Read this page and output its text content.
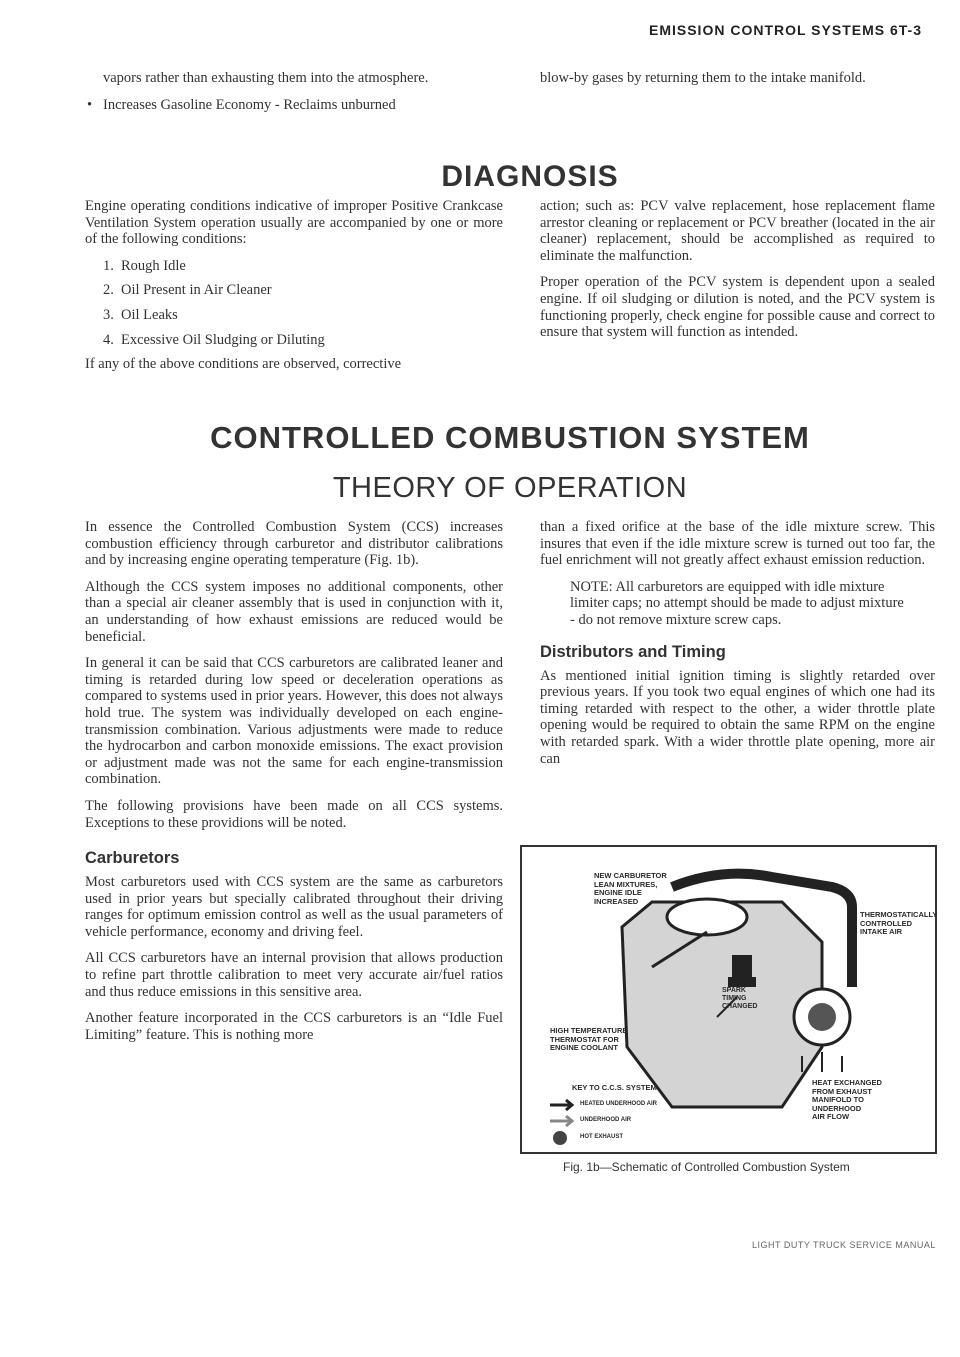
EMISSION CONTROL SYSTEMS 6T-3

vapors rather than exhausting them into the atmosphere.

• Increases Gasoline Economy - Reclaims unburned

blow-by gases by returning them to the intake manifold.

DIAGNOSIS

Engine operating conditions indicative of improper Positive Crankcase Ventilation System operation usually are accompanied by one or more of the following conditions:

1. Rough Idle
2. Oil Present in Air Cleaner
3. Oil Leaks
4. Excessive Oil Sludging or Diluting

If any of the above conditions are observed, corrective

action; such as: PCV valve replacement, hose replacement flame arrestor cleaning or replacement or PCV breather (located in the air cleaner) replacement, should be accomplished as required to eliminate the malfunction.

Proper operation of the PCV system is dependent upon a sealed engine. If oil sludging or dilution is noted, and the PCV system is functioning properly, check engine for possible cause and correct to ensure that system will function as intended.

CONTROLLED COMBUSTION SYSTEM
THEORY OF OPERATION

In essence the Controlled Combustion System (CCS) increases combustion efficiency through carburetor and distributor calibrations and by increasing engine operating temperature (Fig. 1b).

Although the CCS system imposes no additional components, other than a special air cleaner assembly that is used in conjunction with it, an understanding of how exhaust emissions are reduced would be beneficial.

In general it can be said that CCS carburetors are calibrated leaner and timing is retarded during low speed or deceleration operations as compared to systems used in prior years. However, this does not always hold true. The system was individually developed on each engine-transmission combination. Various adjustments were made to reduce the hydrocarbon and carbon monoxide emissions. The exact provision or adjustment made was not the same for each engine-transmission combination.

The following provisions have been made on all CCS systems. Exceptions to these providions will be noted.

Carburetors

Most carburetors used with CCS system are the same as carburetors used in prior years but specially calibrated throughout their driving ranges for optimum emission control as well as the usual parameters of vehicle performance, economy and driving feel.

All CCS carburetors have an internal provision that allows production to refine part throttle calibration to meet very accurate air/fuel ratios and thus reduce emissions in this sensitive area.

Another feature incorporated in the CCS carburetors is an “Idle Fuel Limiting” feature. This is nothing more

than a fixed orifice at the base of the idle mixture screw. This insures that even if the idle mixture screw is turned out too far, the fuel enrichment will not greatly affect exhaust emission reduction.

NOTE: All carburetors are equipped with idle mixture limiter caps; no attempt should be made to adjust mixture - do not remove mixture screw caps.

Distributors and Timing

As mentioned initial ignition timing is slightly retarded over previous years. If you took two equal engines of which one had its timing retarded with respect to the other, a wider throttle plate opening would be required to obtain the same RPM on the engine with retarded spark. With a wider throttle plate opening, more air can

NEW CARBURETOR
LEAN MIXTURES,
ENGINE IDLE
INCREASED
THERMOSTATICALLY
CONTROLLED
INTAKE AIR
SPARK
TIMING
CHANGED
HIGH TEMPERATURE
THERMOSTAT FOR
ENGINE COOLANT
HEAT EXCHANGED
FROM EXHAUST
MANIFOLD TO
UNDERHOOD
AIR FLOW
KEY TO C.C.S. SYSTEM
HEATED UNDERHOOD AIR
UNDERHOOD AIR
HOT EXHAUST
Fig. 1b—Schematic of Controlled Combustion System
LIGHT DUTY TRUCK SERVICE MANUAL
